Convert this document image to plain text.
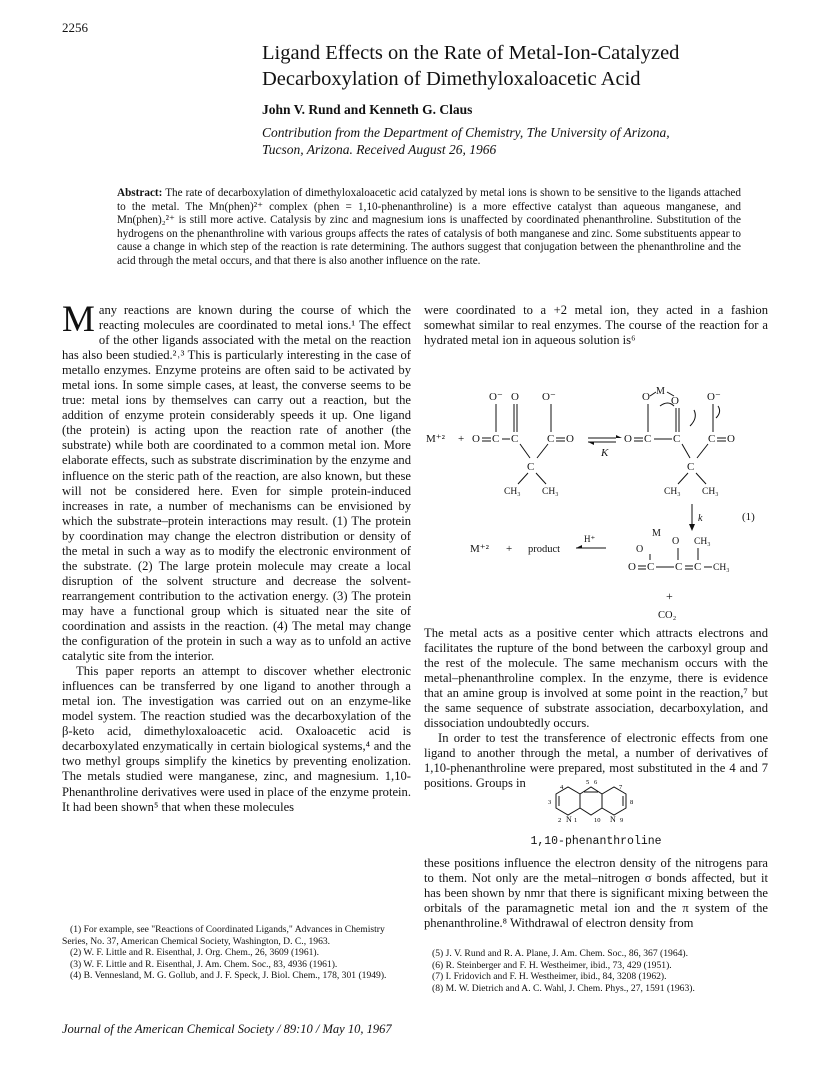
2256
Ligand Effects on the Rate of Metal-Ion-Catalyzed Decarboxylation of Dimethyloxaloacetic Acid
John V. Rund and Kenneth G. Claus
Contribution from the Department of Chemistry, The University of Arizona,
Tucson, Arizona. Received August 26, 1966
Abstract: The rate of decarboxylation of dimethyloxaloacetic acid catalyzed by metal ions is shown to be sensitive to the ligands attached to the metal. The Mn(phen)²⁺ complex (phen = 1,10-phenanthroline) is a more effective catalyst than aqueous manganese, and Mn(phen)₂²⁺ is still more active. Catalysis by zinc and magnesium ions is unaffected by coordinated phenanthroline. Substitution of the hydrogens on the phenanthroline with various groups affects the rates of catalysis of both manganese and zinc. Some substituents appear to cause a change in which step of the reaction is rate determining. The authors suggest that conjugation between the phenanthroline and the acid through the metal occurs, and that there is also another influence on the rate.

Many reactions are known during the course of which the reacting molecules are coordinated to metal ions.¹ The effect of the other ligands associated with the metal on the reaction has also been studied.²˒³ This is particularly interesting in the case of metallo enzymes. Enzyme proteins are often said to be activated by metal ions. In some simple cases, at least, the converse seems to be true: metal ions by themselves can carry out a reaction, but the addition of enzyme protein considerably speeds it up. One ligand (the protein) is acting upon the reaction rate of another (the substrate) while both are coordinated to a common metal ion. More elaborate effects, such as substrate discrimination by the enzyme and influence on the steric path of the reaction, are also known, but these will not be considered here. Even for simple protein-induced increases in rate, a number of mechanisms can be envisioned by which the substrate–protein interactions may result. (1) The protein by coordination may change the electron distribution or density of the metal in such a way as to modify the electronic environment of the substrate. (2) The large protein molecule may create a local disruption of the solvent structure and decrease the solvent-rearrangement contribution to the activation energy. (3) The protein may have a functional group which is situated near the site of coordination and assists in the reaction. (4) The metal may change the configuration of the protein in such a way as to unfold an active catalytic site from the interior.

This paper reports an attempt to discover whether electronic influences can be transferred by one ligand to another through a metal ion. The investigation was carried out on an enzyme-like model system. The reaction studied was the decarboxylation of the β-keto acid, dimethyloxaloacetic acid. Oxaloacetic acid is decarboxylated enzymatically in certain biological systems,⁴ and the two methyl groups simplify the kinetics by preventing enolization. The metals studied were manganese, zinc, and magnesium. 1,10-Phenanthroline derivatives were used in place of the enzyme protein. It had been shown⁵ that when these molecules

were coordinated to a +2 metal ion, they acted in a fashion somewhat similar to real enzymes. The course of the reaction for a hydrated metal ion in aqueous solution is⁶

M⁺² + O C
O⁻
C
O
C
C O
O⁻
CH₃ CH₃
K
O C
O M
O
C
C
C O
O⁻
CH₃ CH₃
k	(1)
M⁺² + product
H⁺
O
M
O CH₃
O C C C CH₃
+
CO₂

The metal acts as a positive center which attracts electrons and facilitates the rupture of the bond between the carboxyl group and the rest of the molecule. The same mechanism occurs with the metal–phenanthroline complex. In the enzyme, there is evidence that an amine group is involved at some point in the reaction,⁷ but the same sequence of substrate association, decarboxylation, and dissociation undoubtedly occurs.

In order to test the transference of electronic effects from one ligand to another through the metal, a number of derivatives of 1,10-phenanthroline were prepared, most substituted in the 4 and 7 positions. Groups in	5 6
4	7
3	8
2 N 1	10 N 9
1,10-phenanthroline

these positions influence the electron density of the nitrogens para to them. Not only are the metal–nitrogen σ bonds affected, but it has been shown by nmr that there is significant mixing between the orbitals of the paramagnetic metal ion and the π system of the phenanthroline.⁸ Withdrawal of electron density from

(1) For example, see "Reactions of Coordinated Ligands," Advances in Chemistry Series, No. 37, American Chemical Society, Washington, D. C., 1963.
(2) W. F. Little and R. Eisenthal, J. Org. Chem., 26, 3609 (1961).
(3) W. F. Little and R. Eisenthal, J. Am. Chem. Soc., 83, 4936 (1961).
(4) B. Vennesland, M. G. Gollub, and J. F. Speck, J. Biol. Chem., 178, 301 (1949).
(5) J. V. Rund and R. A. Plane, J. Am. Chem. Soc., 86, 367 (1964).
(6) R. Steinberger and F. H. Westheimer, ibid., 73, 429 (1951).
(7) I. Fridovich and F. H. Westheimer, ibid., 84, 3208 (1962).
(8) M. W. Dietrich and A. C. Wahl, J. Chem. Phys., 27, 1591 (1963).
Journal of the American Chemical Society / 89:10 / May 10, 1967
